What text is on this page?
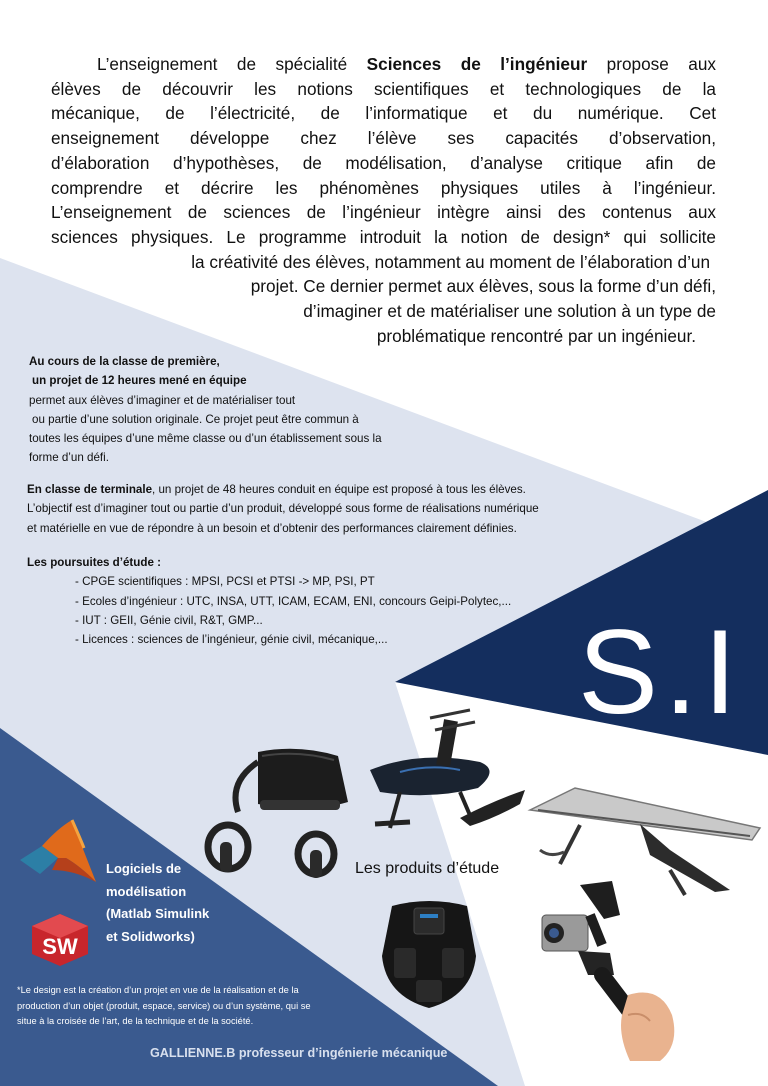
L’enseignement de spécialité Sciences de l’ingénieur propose aux

élèves de découvrir les notions scientifiques et technologiques de la

mécanique, de l’électricité, de l’informatique et du numérique. Cet

enseignement développe chez l’élève ses capacités d’observation,

d’élaboration d’hypothèses, de modélisation, d’analyse critique afin de

comprendre et décrire les phénomènes physiques utiles à l’ingénieur.

L’enseignement de sciences de l’ingénieur intègre ainsi des contenus aux

sciences physiques. Le programme introduit la notion de design* qui sollicite

la créativité des élèves, notamment au moment de l’élaboration d’un

projet. Ce dernier permet aux élèves, sous la forme d’un défi,

d’imaginer et de matérialiser une solution à un type de

problématique rencontré par un ingénieur.

Au cours de la classe de première,

un projet de 12 heures mené en équipe

permet aux élèves d’imaginer et de matérialiser tout

ou partie d’une solution originale. Ce projet peut être commun à

toutes les équipes d’une même classe ou d’un établissement sous la

forme d’un défi.

En classe de terminale, un projet de 48 heures conduit en équipe est proposé à tous les élèves.

L’objectif est d’imaginer tout ou partie d’un produit, développé sous forme de réalisations numérique

et matérielle en vue de répondre à un besoin et d’obtenir des performances clairement définies.

Les poursuites d’étude :

- CPGE scientifiques : MPSI, PCSI et PTSI -> MP, PSI, PT

- Ecoles d’ingénieur : UTC, INSA, UTT, ICAM, ECAM, ENI, concours Geipi-Polytec,...

- IUT : GEII, Génie civil, R&T, GMP...

- Licences : sciences de l’ingénieur, génie civil, mécanique,...	S.I
Les produits d’étude
SW
Logiciels de
modélisation
(Matlab Simulink
et Solidworks)
*Le design est la création d’un projet en vue de la réalisation et de la
production d’un objet (produit, espace, service) ou d’un système, qui se
situe à la croisée de l’art, de la technique et de la société.
GALLIENNE.B professeur d’ingénierie mécanique
